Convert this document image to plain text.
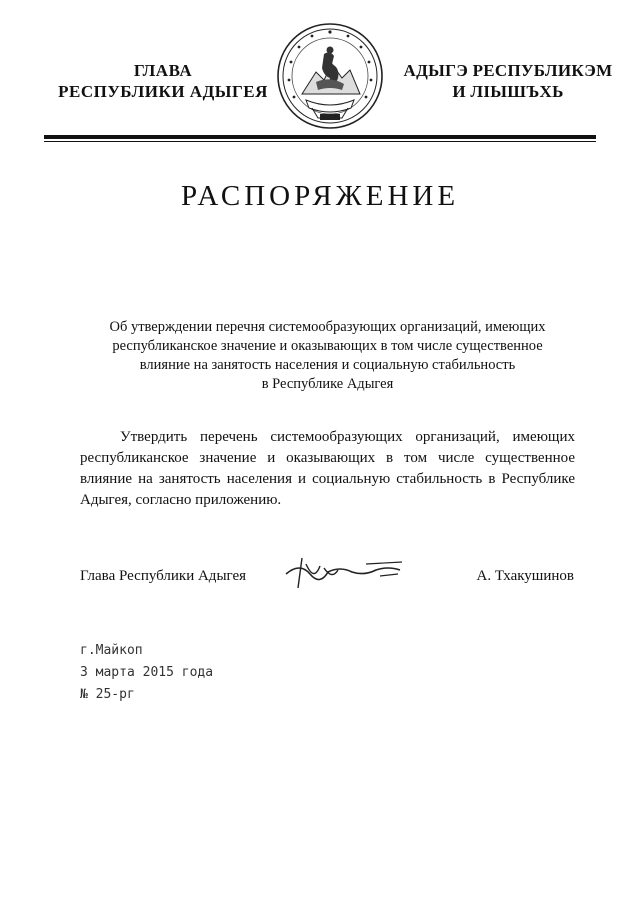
ГЛАВА
РЕСПУБЛИКИ АДЫГЕЯ
АДЫГЭ РЕСПУБЛИКЭМ
И ЛІЫШЪХЬ
РАСПОРЯЖЕНИЕ
Об утверждении перечня системообразующих организаций, имеющих
республиканское значение и оказывающих в том числе существенное
влияние на занятость населения и социальную стабильность
в Республике Адыгея
Утвердить перечень системообразующих организаций, имеющих республиканское значение и оказывающих в том числе существенное влияние на занятость населения и социальную стабильность в Республике Адыгея, согласно приложению.
Глава Республики Адыгея	А. Тхакушинов
г.Майкоп
3 марта 2015 года
№ 25-рг
